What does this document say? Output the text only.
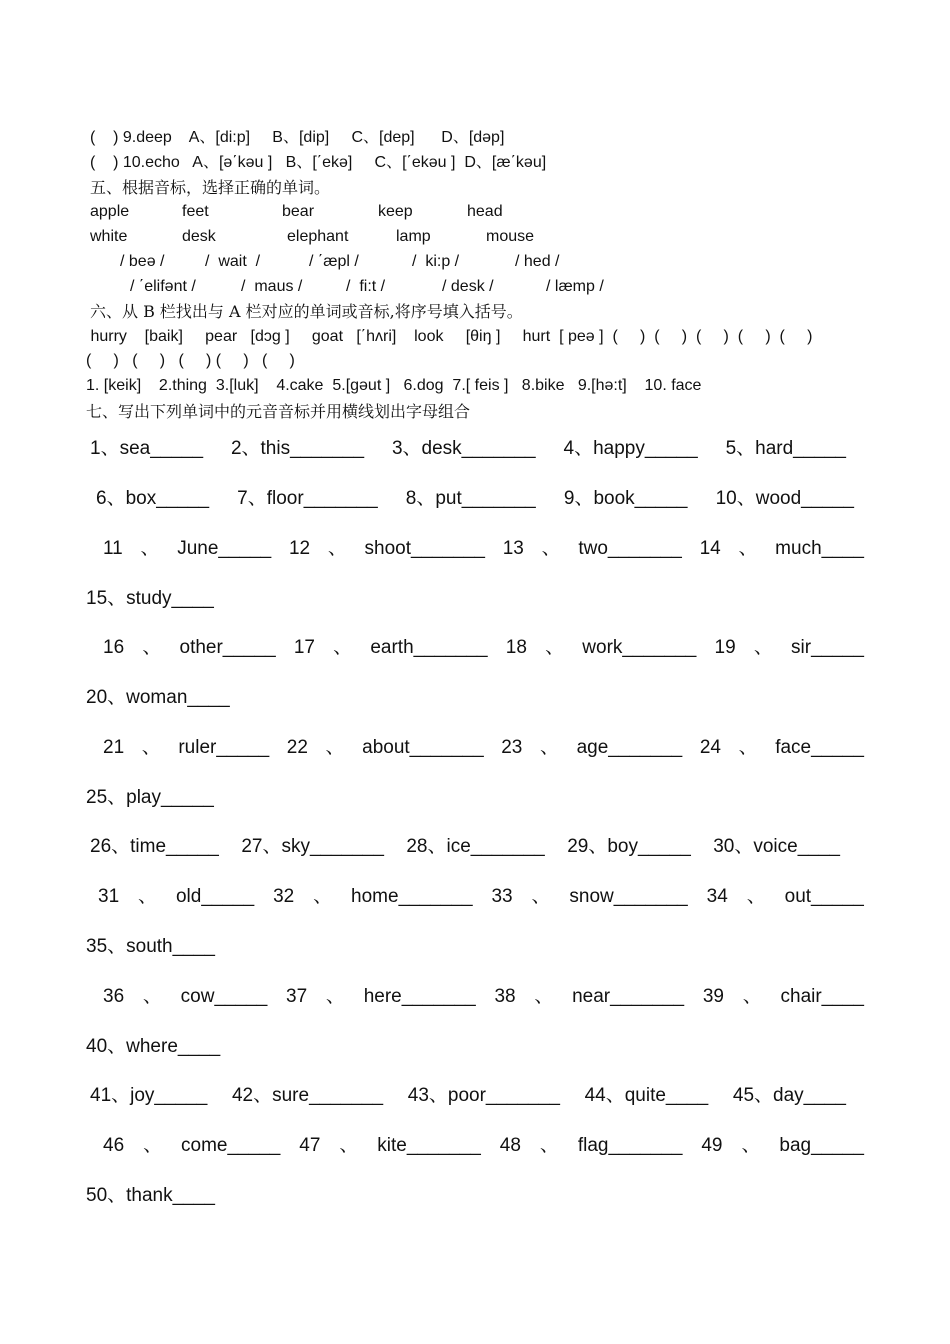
(    ) 9.deep    A、[di:p]     B、[dip]     C、[dep]      D、[dəp]
(    ) 10.echo   A、[ə΄kəu ]   B、[΄ekə]     C、[΄ekəu ]  D、[æ΄kəu]
五、根据音标，选择正确的单词。
apple	feet	bear	keep	head
white	desk	elephant	lamp	mouse
/ beə /	/  wait  /	/ ΄æpl /	/  ki:p /	/ hed /
/ ΄elifənt /	/  maus /	/  fi:t /	/ desk /	/ læmp /
六、从 B 栏找出与 A 栏对应的单词或音标,将序号填入括号。
hurry    [baik]     pear   [dɔg ]     goat   [΄hʌri]    look     [θiŋ ]     hurt  [ peə ]  (     )  (     )  (     )  (     )  (     )
(     )   (     )   (     ) (     )   (     )
1. [keik]    2.thing  3.[luk]    4.cake  5.[gəut ]   6.dog  7.[ feis ]   8.bike   9.[hə:t]    10. face
七、写出下列单词中的元音音标并用横线划出字母组合
1、sea_____ 2、this_______ 3、desk_______ 4、happy_____ 5、hard_____
6、box_____ 7、floor_______ 8、put_______ 9、book_____ 10、wood_____
11 、 June_____ 12 、 shoot_______ 13 、 two_______ 14 、 much____
15、study____
16 、 other_____ 17 、 earth_______ 18 、 work_______ 19 、 sir_____
20、woman____
21 、 ruler_____ 22 、 about_______ 23 、 age_______ 24 、 face_____
25、play_____
26、time_____ 27、sky_______ 28、ice_______ 29、boy_____ 30、voice____
31 、 old_____ 32 、 home_______ 33 、 snow_______ 34 、 out_____
35、south____
36 、 cow_____ 37 、 here_______ 38 、 near_______ 39 、 chair____
40、where____
41、joy_____ 42、sure_______ 43、poor_______ 44、quite____ 45、day____
46 、 come_____ 47 、 kite_______ 48 、 flag_______ 49 、 bag_____
50、thank____
